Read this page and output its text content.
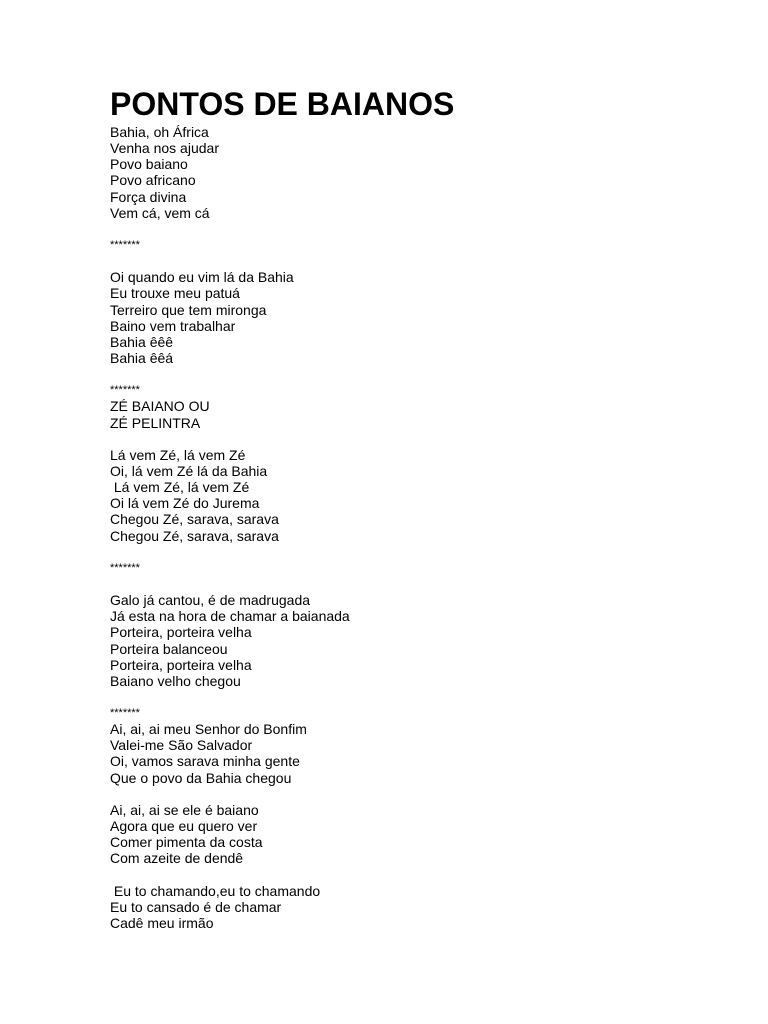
PONTOS DE BAIANOS
Bahia, oh África
Venha nos ajudar
Povo baiano
Povo africano
Força divina
Vem cá, vem cá
*******
Oi quando eu vim lá da Bahia
Eu trouxe meu patuá
Terreiro que tem mironga
Baino vem trabalhar
Bahia êêê
Bahia êêá
*******
ZÉ BAIANO OU
ZÉ PELINTRA
Lá vem Zé, lá vem Zé
Oi, lá vem Zé lá da Bahia
Lá vem Zé, lá vem Zé
Oi lá vem Zé do Jurema
Chegou Zé, sarava, sarava
Chegou Zé, sarava, sarava
*******
Galo já cantou, é de madrugada
Já esta na hora de chamar a baianada
Porteira, porteira velha
Porteira balanceou
Porteira, porteira velha
Baiano velho chegou
*******
Ai, ai, ai meu Senhor do Bonfim
Valei-me São Salvador
Oi, vamos sarava minha gente
Que o povo da Bahia chegou
Ai, ai, ai se ele é baiano
Agora que eu quero ver
Comer pimenta da costa
Com azeite de dendê
Eu to chamando,eu to chamando
Eu to cansado é de chamar
Cadê meu irmão
